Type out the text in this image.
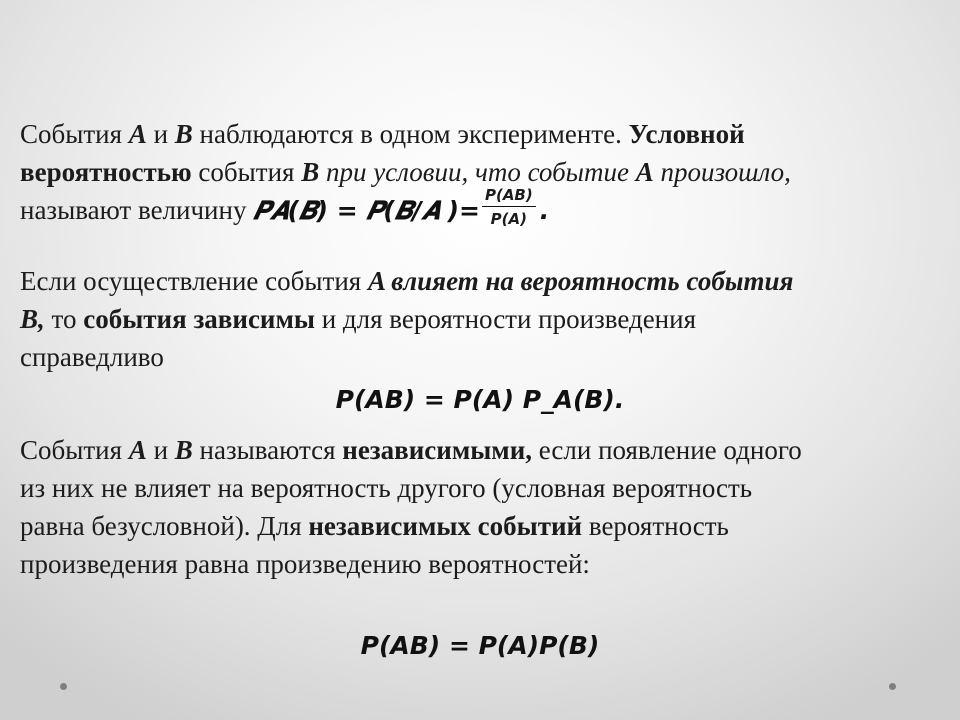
События A и B наблюдаются в одном эксперименте. Условной
вероятностью события B при условии, что событие A произошло,
называют величину 𝑷𝑨(𝑩) = 𝑷(𝑩/𝑨 )= $\frac{P(AB)}{P(A)}$ .
Если осуществление события A влияет на вероятность события
B, то события зависимы и для вероятности произведения
справедливо
P(AB) = P(A) P_A(B).
События A и B называются независимыми, если появление одного
из них не влияет на вероятность другого (условная вероятность
равна безусловной). Для независимых событий вероятность
произведения равна произведению вероятностей:
P(AB) = P(A)P(B)
